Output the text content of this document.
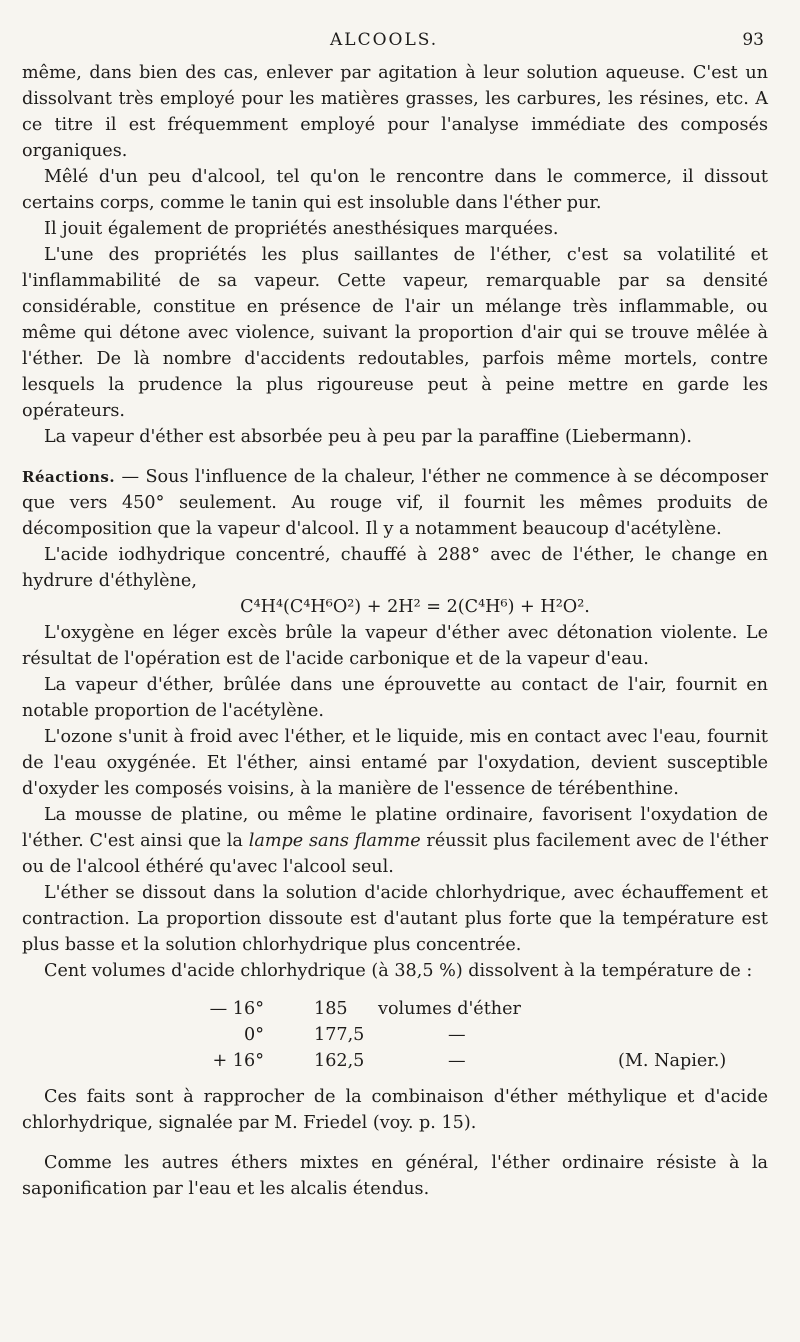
ALCOOLS.	93

même, dans bien des cas, enlever par agitation à leur solution aqueuse. C'est un dissolvant très employé pour les matières grasses, les carbures, les résines, etc. A ce titre il est fréquemment employé pour l'analyse immédiate des composés organiques.

Mêlé d'un peu d'alcool, tel qu'on le rencontre dans le commerce, il dissout certains corps, comme le tanin qui est insoluble dans l'éther pur.

Il jouit également de propriétés anesthésiques marquées.

L'une des propriétés les plus saillantes de l'éther, c'est sa volatilité et l'inflammabilité de sa vapeur. Cette vapeur, remarquable par sa densité considérable, constitue en présence de l'air un mélange très inflammable, ou même qui détone avec violence, suivant la proportion d'air qui se trouve mêlée à l'éther. De là nombre d'accidents redoutables, parfois même mortels, contre lesquels la prudence la plus rigoureuse peut à peine mettre en garde les opérateurs.

La vapeur d'éther est absorbée peu à peu par la paraffine (Liebermann).

Réactions. — Sous l'influence de la chaleur, l'éther ne commence à se décomposer que vers 450° seulement. Au rouge vif, il fournit les mêmes produits de décomposition que la vapeur d'alcool. Il y a notamment beaucoup d'acétylène.

L'acide iodhydrique concentré, chauffé à 288° avec de l'éther, le change en hydrure d'éthylène,

C⁴H⁴(C⁴H⁶O²) + 2H² = 2(C⁴H⁶) + H²O².

L'oxygène en léger excès brûle la vapeur d'éther avec détonation violente. Le résultat de l'opération est de l'acide carbonique et de la vapeur d'eau.

La vapeur d'éther, brûlée dans une éprouvette au contact de l'air, fournit en notable proportion de l'acétylène.

L'ozone s'unit à froid avec l'éther, et le liquide, mis en contact avec l'eau, fournit de l'eau oxygénée. Et l'éther, ainsi entamé par l'oxydation, devient susceptible d'oxyder les composés voisins, à la manière de l'essence de térébenthine.

La mousse de platine, ou même le platine ordinaire, favorisent l'oxydation de l'éther. C'est ainsi que la lampe sans flamme réussit plus facilement avec de l'éther ou de l'alcool éthéré qu'avec l'alcool seul.

L'éther se dissout dans la solution d'acide chlorhydrique, avec échauffement et contraction. La proportion dissoute est d'autant plus forte que la température est plus basse et la solution chlorhydrique plus concentrée.

Cent volumes d'acide chlorhydrique (à 38,5 %) dissolvent à la température de :

— 16°	185	volumes d'éther	
0°	177,5	—	
+ 16°	162,5	—	(M. Napier.)

Ces faits sont à rapprocher de la combinaison d'éther méthylique et d'acide chlorhydrique, signalée par M. Friedel (voy. p. 15).

Comme les autres éthers mixtes en général, l'éther ordinaire résiste à la saponification par l'eau et les alcalis étendus.
